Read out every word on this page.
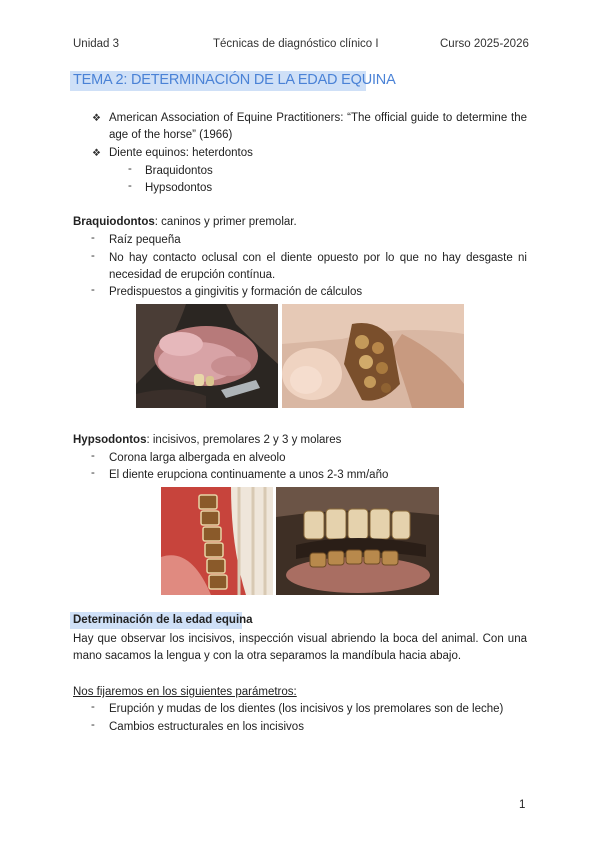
Unidad 3	Técnicas de diagnóstico clínico I	Curso 2025-2026
TEMA 2: DETERMINACIÓN DE LA EDAD EQUINA
❖ American Association of Equine Practitioners: “The official guide to determine the
age of the horse” (1966)
❖ Diente equinos: heterdontos
- Braquidontos
- Hypsodontos
Braquiodontos: caninos y primer premolar.
- Raíz pequeña
- No hay contacto oclusal con el diente opuesto por lo que no hay desgaste ni
necesidad de erupción contínua.
- Predispuestos a gingivitis y formación de cálculos
Hypsodontos: incisivos, premolares 2 y 3 y molares
- Corona larga albergada en alveolo
- El diente erupciona continuamente a unos 2-3 mm/año
Determinación de la edad equina
Hay que observar los incisivos, inspección visual abriendo la boca del animal. Con una
mano sacamos la lengua y con la otra separamos la mandíbula hacia abajo.
Nos fijaremos en los siguientes parámetros:
- Erupción y mudas de los dientes (los incisivos y los premolares son de leche)
- Cambios estructurales en los incisivos
1
